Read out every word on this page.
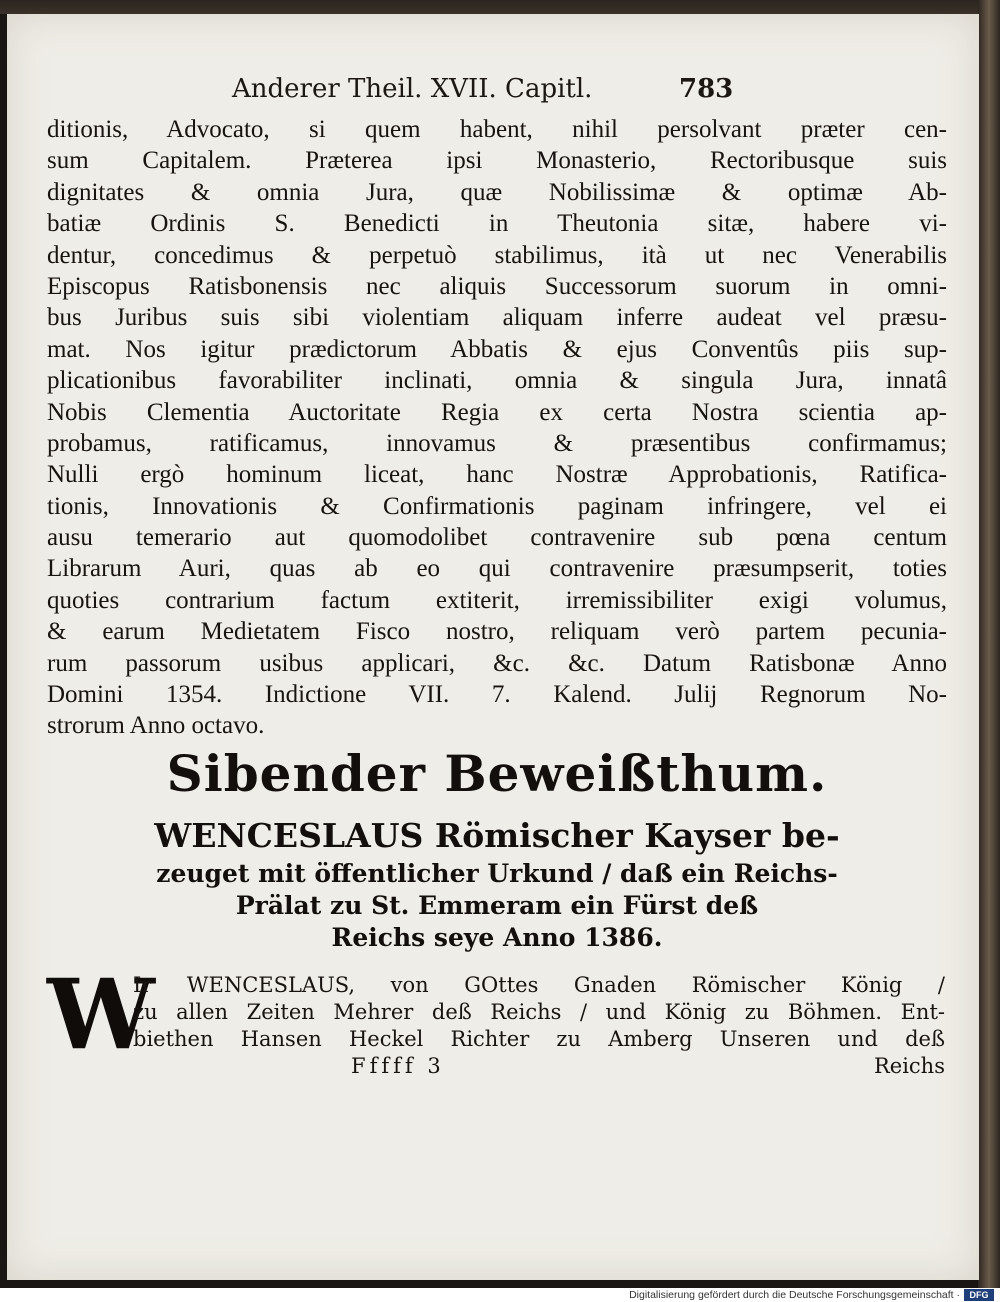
Anderer Theil. XVII. Capitl.	783
ditionis, Advocato, si quem habent, nihil persolvant præter cen-
sum Capitalem. Præterea ipsi Monasterio, Rectoribusque suis
dignitates & omnia Jura, quæ Nobilissimæ & optimæ Ab-
batiæ Ordinis S. Benedicti in Theutonia sitæ, habere vi-
dentur, concedimus & perpetuò stabilimus, ità ut nec Venerabilis
Episcopus Ratisbonensis nec aliquis Successorum suorum in omni-
bus Juribus suis sibi violentiam aliquam inferre audeat vel præsu-
mat. Nos igitur prædictorum Abbatis & ejus Conventûs piis sup-
plicationibus favorabiliter inclinati, omnia & singula Jura, innatâ
Nobis Clementia Auctoritate Regia ex certa Nostra scientia ap-
probamus, ratificamus, innovamus & præsentibus confirmamus;
Nulli ergò hominum liceat, hanc Nostræ Approbationis, Ratifica-
tionis, Innovationis & Confirmationis paginam infringere, vel ei
ausu temerario aut quomodolibet contravenire sub pœna centum
Librarum Auri, quas ab eo qui contravenire præsumpserit, toties
quoties contrarium factum extiterit, irremissibiliter exigi volumus,
& earum Medietatem Fisco nostro, reliquam verò partem pecunia-
rum passorum usibus applicari, &c. &c. Datum Ratisbonæ Anno
Domini 1354. Indictione VII. 7. Kalend. Julij Regnorum No-
strorum Anno octavo.
Sibender Beweißthum.
WENCESLAUS Römischer Kayser be-
zeuget mit öffentlicher Urkund / daß ein Reichs-
Prälat zu St. Emmeram ein Fürst deß
Reichs seye Anno 1386.
W
Ir WENCESLAUS, von GOttes Gnaden Römischer König /
zu allen Zeiten Mehrer deß Reichs / und König zu Böhmen. Ent-
biethen Hansen Heckel Richter zu Amberg Unseren und deß
Fffff 3	Reichs
Digitalisierung gefördert durch die Deutsche Forschungsgemeinschaft ·	DFG
